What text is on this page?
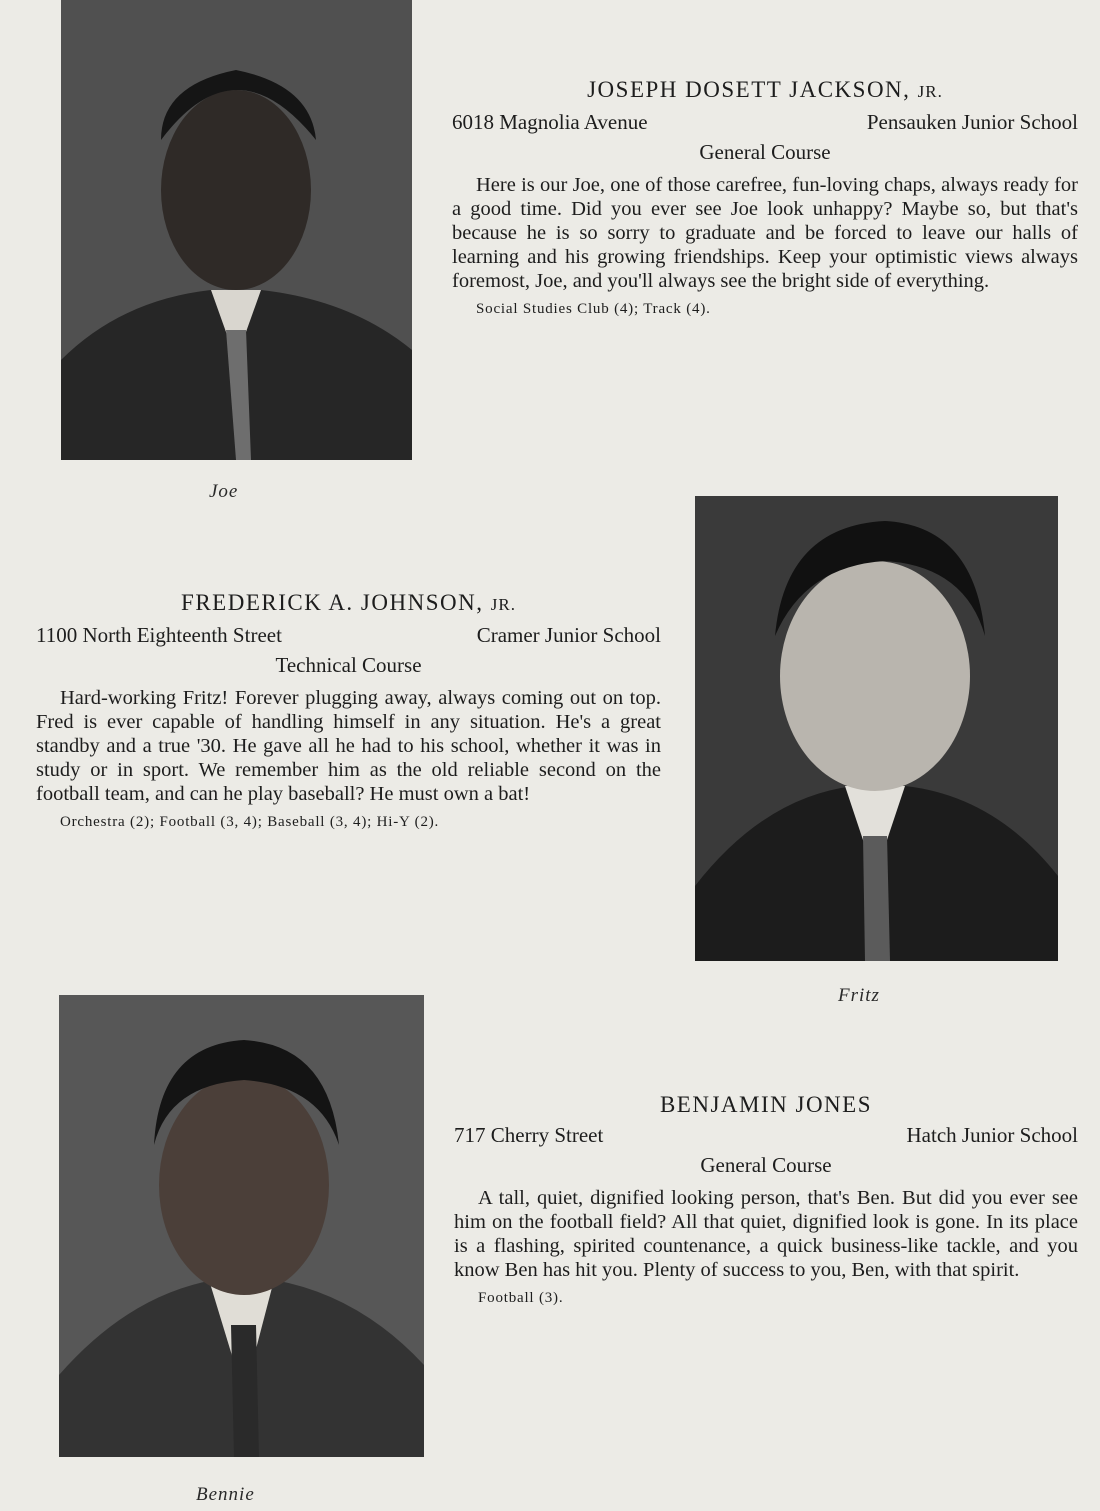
Joe
JOSEPH DOSETT JACKSON, JR.
6018 Magnolia Avenue	Pensauken Junior School
General Course
Here is our Joe, one of those carefree, fun-loving chaps, always ready for a good time. Did you ever see Joe look unhappy? Maybe so, but that's because he is so sorry to graduate and be forced to leave our halls of learning and his growing friendships. Keep your optimistic views always foremost, Joe, and you'll always see the bright side of everything.
Social Studies Club (4); Track (4).
FREDERICK A. JOHNSON, JR.
1100 North Eighteenth Street	Cramer Junior School
Technical Course
Hard-working Fritz! Forever plugging away, always coming out on top. Fred is ever capable of handling himself in any situation. He's a great standby and a true '30. He gave all he had to his school, whether it was in study or in sport. We remember him as the old reliable second on the football team, and can he play baseball? He must own a bat!
Orchestra (2); Football (3, 4); Baseball (3, 4); Hi-Y (2).
Fritz
Bennie
BENJAMIN JONES
717 Cherry Street	Hatch Junior School
General Course
A tall, quiet, dignified looking person, that's Ben. But did you ever see him on the football field? All that quiet, dignified look is gone. In its place is a flashing, spirited countenance, a quick business-like tackle, and you know Ben has hit you. Plenty of success to you, Ben, with that spirit.
Football (3).
